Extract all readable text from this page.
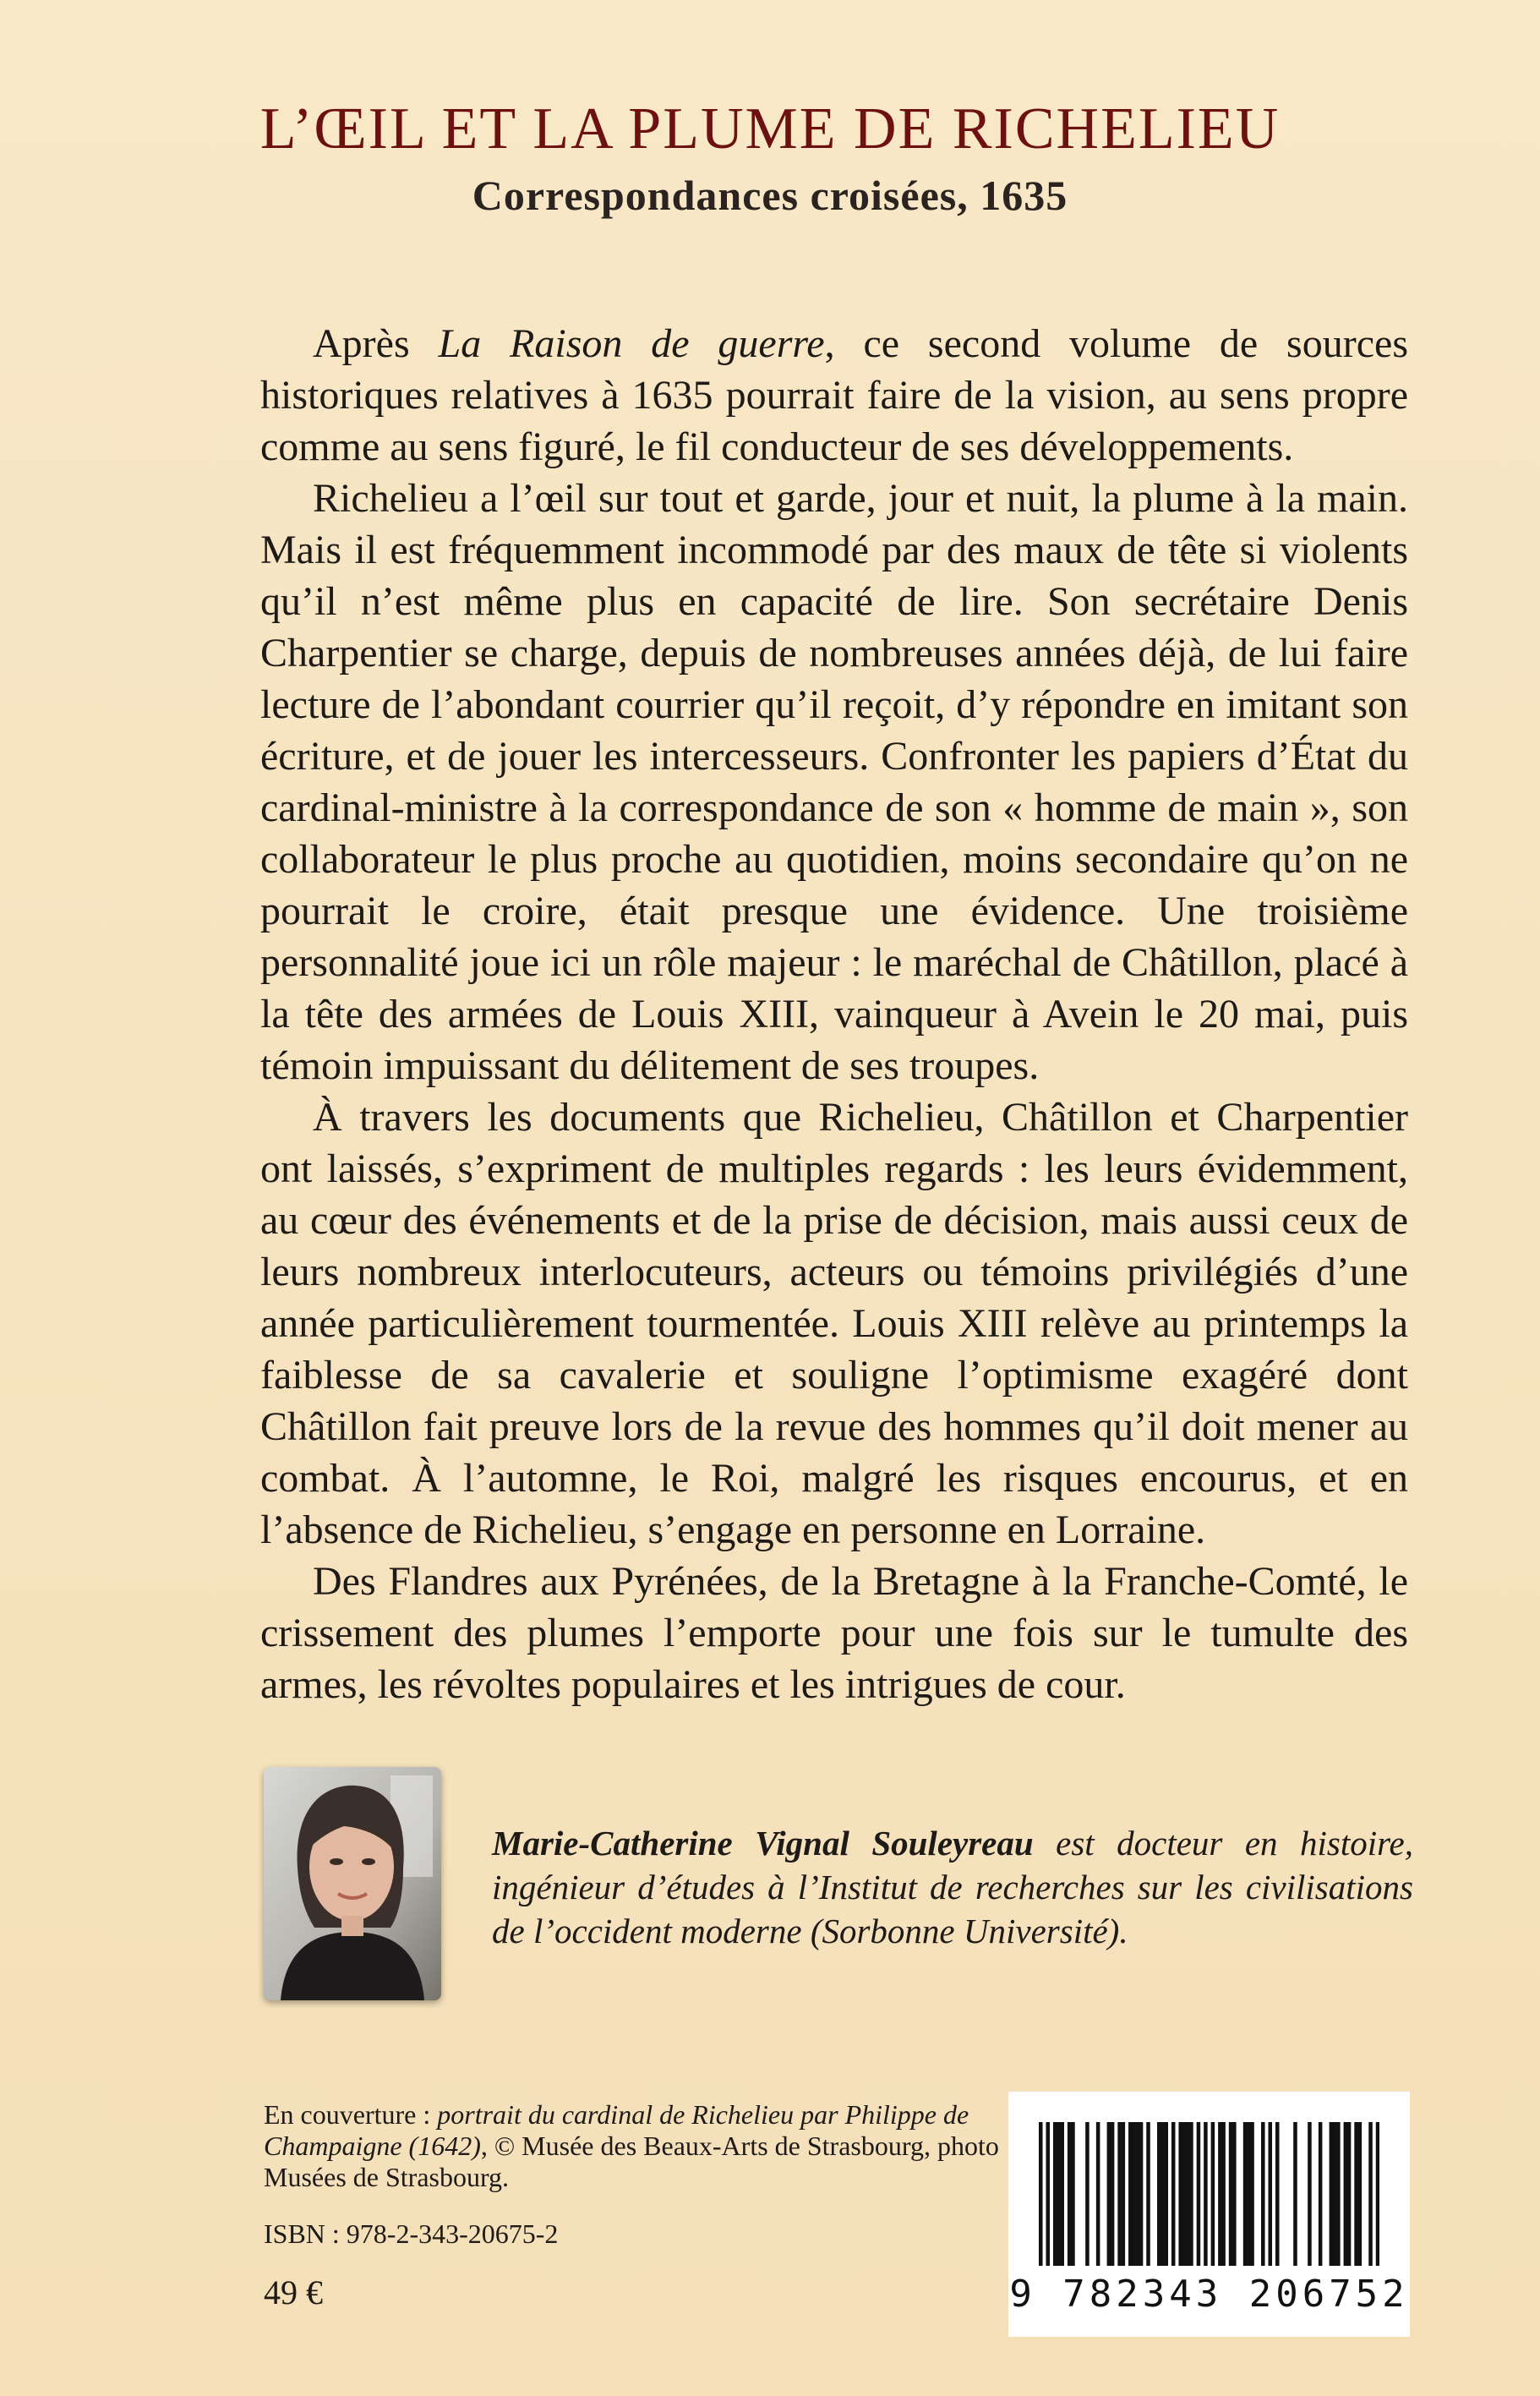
L’ŒIL ET LA PLUME DE RICHELIEU
Correspondances croisées, 1635

Après La Raison de guerre, ce second volume de sources historiques relatives à 1635 pourrait faire de la vision, au sens propre comme au sens figuré, le fil conducteur de ses développements.

Richelieu a l’œil sur tout et garde, jour et nuit, la plume à la main. Mais il est fréquemment incommodé par des maux de tête si violents qu’il n’est même plus en capacité de lire. Son secrétaire Denis Charpentier se charge, depuis de nombreuses années déjà, de lui faire lecture de l’abondant courrier qu’il reçoit, d’y répondre en imitant son écriture, et de jouer les intercesseurs. Confronter les papiers d’État du cardinal-ministre à la correspondance de son « homme de main », son collaborateur le plus proche au quotidien, moins secondaire qu’on ne pourrait le croire, était presque une évidence. Une troisième personnalité joue ici un rôle majeur : le maréchal de Châtillon, placé à la tête des armées de Louis XIII, vainqueur à Avein le 20 mai, puis témoin impuissant du délitement de ses troupes.

À travers les documents que Richelieu, Châtillon et Charpentier ont laissés, s’expriment de multiples regards : les leurs évidemment, au cœur des événements et de la prise de décision, mais aussi ceux de leurs nombreux interlocuteurs, acteurs ou témoins privilégiés d’une année particulièrement tourmentée. Louis XIII relève au printemps la faiblesse de sa cavalerie et souligne l’optimisme exagéré dont Châtillon fait preuve lors de la revue des hommes qu’il doit mener au combat. À l’automne, le Roi, malgré les risques encourus, et en l’absence de Richelieu, s’engage en personne en Lorraine.

Des Flandres aux Pyrénées, de la Bretagne à la Franche-Comté, le crissement des plumes l’emporte pour une fois sur le tumulte des armes, les révoltes populaires et les intrigues de cour.

Marie-Catherine Vignal Souleyreau est docteur en histoire, ingénieur d’études à l’Institut de recherches sur les civilisations de l’occident moderne (Sorbonne Université).

En couverture : portrait du cardinal de Richelieu par Philippe de Champaigne (1642), © Musée des Beaux-Arts de Strasbourg, photo Musées de Strasbourg.

ISBN : 978-2-343-20675-2
49 €	9 782343 206752
